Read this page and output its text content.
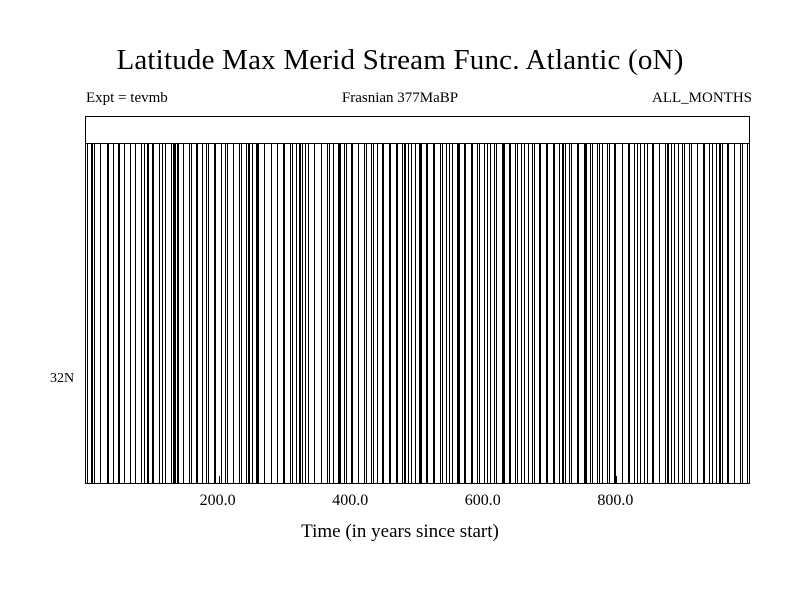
Latitude Max Merid Stream Func. Atlantic (oN)
Expt = tevmb	Frasnian 377MaBP	ALL_MONTHS
32N
200.0	400.0	600.0	800.0
Time (in years since start)
